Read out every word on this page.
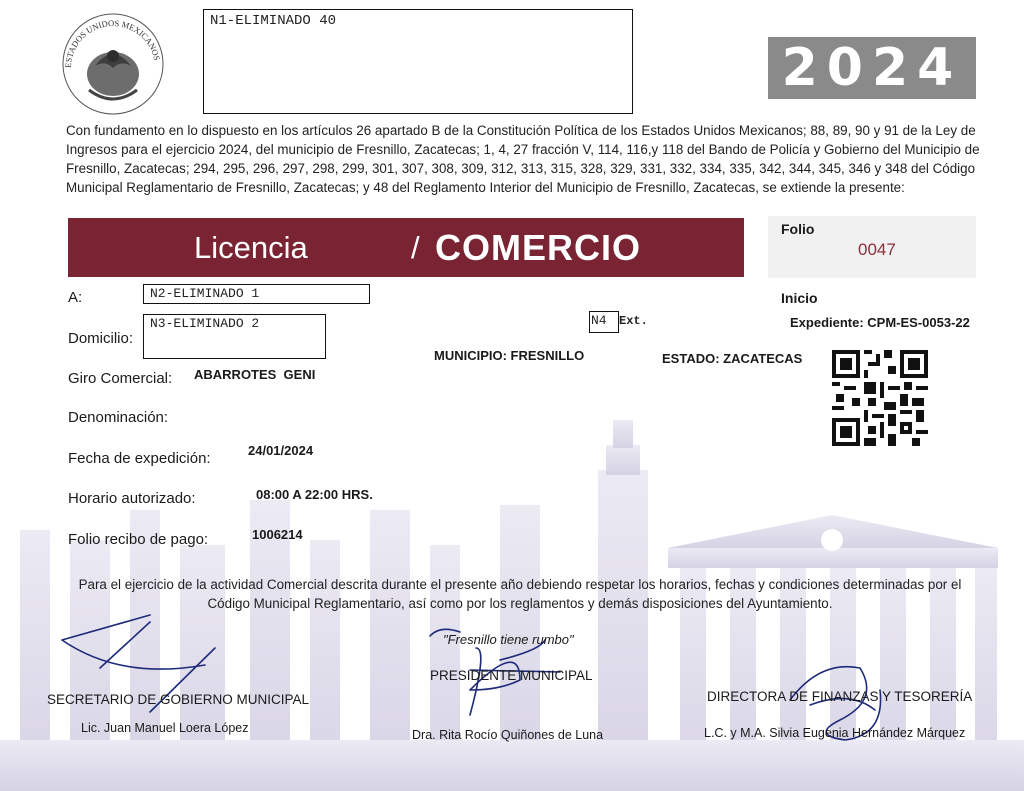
ESTADOS UNIDOS MEXICANOS
N1-ELIMINADO 40
2024
Con fundamento en lo dispuesto en los artículos 26 apartado B de la Constitución Política de los Estados Unidos Mexicanos; 88, 89, 90 y 91 de la Ley de Ingresos para el ejercicio 2024, del municipio de Fresnillo, Zacatecas; 1, 4, 27 fracción V, 114, 116,y 118 del Bando de Policía y Gobierno del Municipio de Fresnillo, Zacatecas; 294, 295, 296, 297, 298, 299, 301, 307, 308, 309, 312, 313, 315, 328, 329, 331, 332, 334, 335, 342, 344, 345, 346 y 348 del Código Municipal Reglamentario de Fresnillo, Zacatecas; y 48 del Reglamento Interior del Municipio de Fresnillo, Zacatecas, se extiende la presente:
Licencia	/ COMERCIO	Folio
0047
A:	N2-ELIMINADO 1	Inicio
Expediente: CPM-ES-0053-22
Domicilio:
N3-ELIMINADO 2	N4 Ext.
MUNICIPIO: FRESNILLO	ESTADO: ZACATECAS
Giro Comercial: ABARROTES  GENI
Denominación:
Fecha de expedición:	24/01/2024
Horario autorizado:	08:00 A 22:00 HRS.
Folio recibo de pago:	1006214
Para el ejercicio de la actividad Comercial descrita durante el presente año debiendo respetar los horarios, fechas y condiciones determinadas por el Código Municipal Reglamentario, así como por los reglamentos y demás disposiciones del Ayuntamiento.
"Fresnillo tiene rumbo"
SECRETARIO DE GOBIERNO MUNICIPAL
Lic. Juan Manuel Loera López
PRESIDENTE MUNICIPAL
Dra. Rita Rocío Quiñones de Luna
DIRECTORA DE FINANZAS Y TESORERÍA
L.C. y M.A. Silvia Eugenia Hernández Márquez
